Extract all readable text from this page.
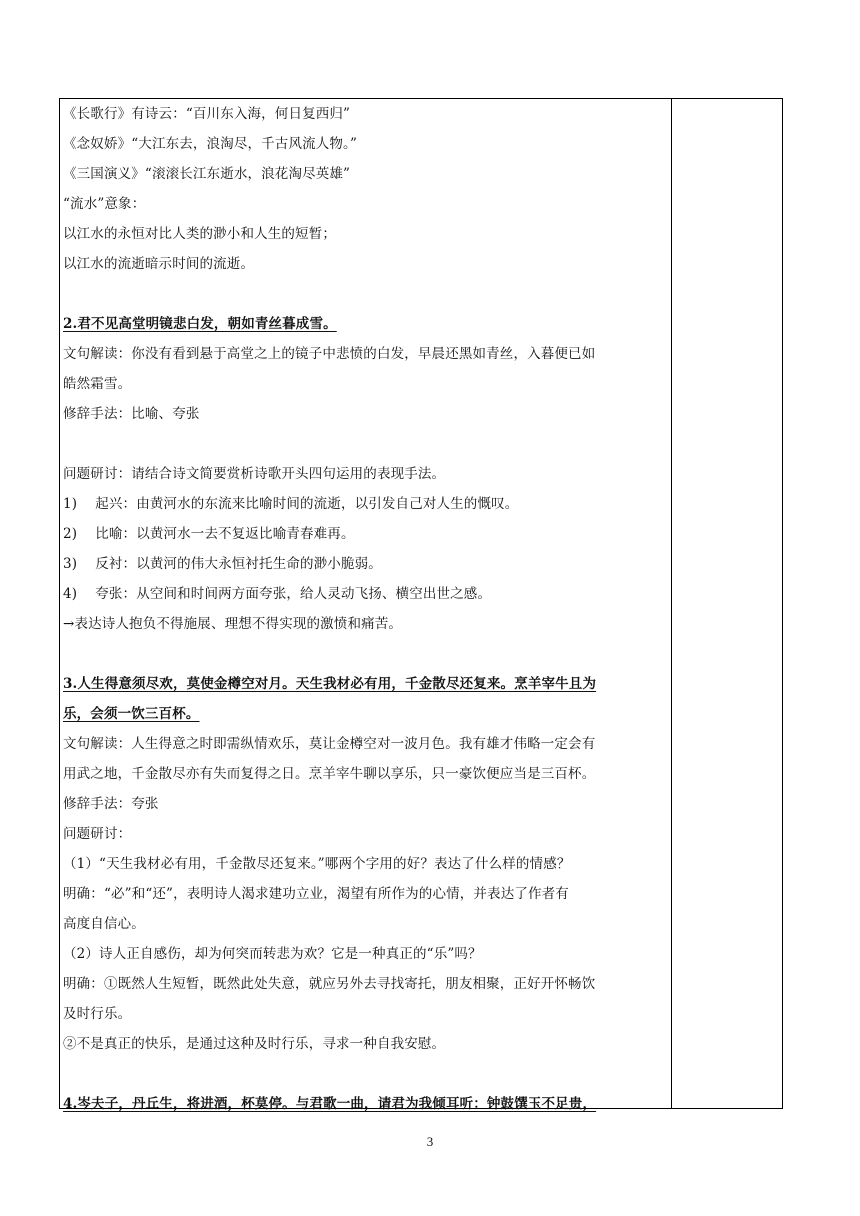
《长歌行》有诗云：“百川东入海，何日复西归”
《念奴娇》“大江东去，浪淘尽，千古风流人物。”
《三国演义》“滚滚长江东逝水，浪花淘尽英雄”
“流水”意象：
以江水的永恒对比人类的渺小和人生的短暂；
以江水的流逝暗示时间的流逝。
2.君不见高堂明镜悲白发，朝如青丝暮成雪。
文句解读：你没有看到悬于高堂之上的镜子中悲愤的白发，早晨还黑如青丝，入暮便已如
皓然霜雪。
修辞手法：比喻、夸张
问题研讨：请结合诗文简要赏析诗歌开头四句运用的表现手法。
1)　 起兴：由黄河水的东流来比喻时间的流逝，以引发自己对人生的慨叹。
2)　 比喻：以黄河水一去不复返比喻青春难再。
3)　 反衬：以黄河的伟大永恒衬托生命的渺小脆弱。
4)　 夸张：从空间和时间两方面夸张，给人灵动飞扬、横空出世之感。
→表达诗人抱负不得施展、理想不得实现的激愤和痛苦。
3.人生得意须尽欢，莫使金樽空对月。天生我材必有用，千金散尽还复来。烹羊宰牛且为
乐，会须一饮三百杯。
文句解读：人生得意之时即需纵情欢乐，莫让金樽空对一波月色。我有雄才伟略一定会有
用武之地，千金散尽亦有失而复得之日。烹羊宰牛聊以享乐，只一豪饮便应当是三百杯。
修辞手法：夸张
问题研讨：
（1）“天生我材必有用，千金散尽还复来。”哪两个字用的好？表达了什么样的情感？
明确：“必”和“还”，表明诗人渴求建功立业，渴望有所作为的心情，并表达了作者有
高度自信心。
（2）诗人正自感伤，却为何突而转悲为欢？它是一种真正的“乐”吗？
明确：①既然人生短暂，既然此处失意，就应另外去寻找寄托，朋友相聚，正好开怀畅饮
及时行乐。
②不是真正的快乐，是通过这种及时行乐，寻求一种自我安慰。
4.岑夫子，丹丘生，将进酒，杯莫停。与君歌一曲，请君为我倾耳听：钟鼓馔玉不足贵，
3
